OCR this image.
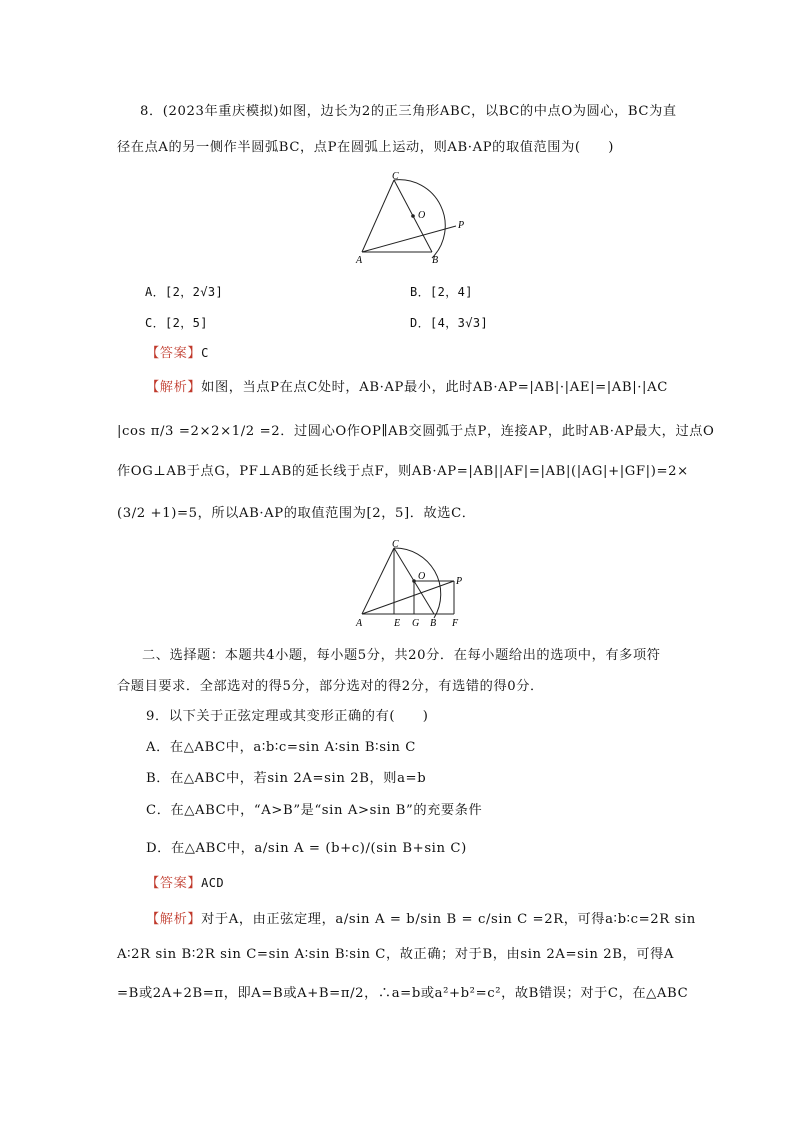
8．(2023年重庆模拟)如图，边长为2的正三角形ABC，以BC的中点O为圆心，BC为直
径在点A的另一侧作半圆弧BC，点P在圆弧上运动，则AB·AP的取值范围为(　　)
C
O
P
A	B
A．[2，2√3]	B．[2，4]
C．[2，5]	D．[4，3√3]
【答案】C
【解析】如图，当点P在点C处时，AB·AP最小，此时AB·AP=|AB|·|AE|=|AB|·|AC
|cos π/3 =2×2×1/2 =2．过圆心O作OP∥AB交圆弧于点P，连接AP，此时AB·AP最大，过点O
作OG⊥AB于点G，PF⊥AB的延长线于点F，则AB·AP=|AB||AF|=|AB|(|AG|+|GF|)=2×
(3/2 +1)=5，所以AB·AP的取值范围为[2，5]．故选C．
C
O	P
A	E G B F
二、选择题：本题共4小题，每小题5分，共20分．在每小题给出的选项中，有多项符
合题目要求．全部选对的得5分，部分选对的得2分，有选错的得0分．
9．以下关于正弦定理或其变形正确的有(　　)
A．在△ABC中，a∶b∶c=sin A∶sin B∶sin C
B．在△ABC中，若sin 2A=sin 2B，则a=b
C．在△ABC中，“A>B”是“sin A>sin B”的充要条件
D．在△ABC中，a/sin A = (b+c)/(sin B+sin C)
【答案】ACD
【解析】对于A，由正弦定理，a/sin A = b/sin B = c/sin C =2R，可得a∶b∶c=2R sin
A∶2R sin B∶2R sin C=sin A∶sin B∶sin C，故正确；对于B，由sin 2A=sin 2B，可得A
=B或2A+2B=π，即A=B或A+B=π/2，∴a=b或a²+b²=c²，故B错误；对于C，在△ABC
